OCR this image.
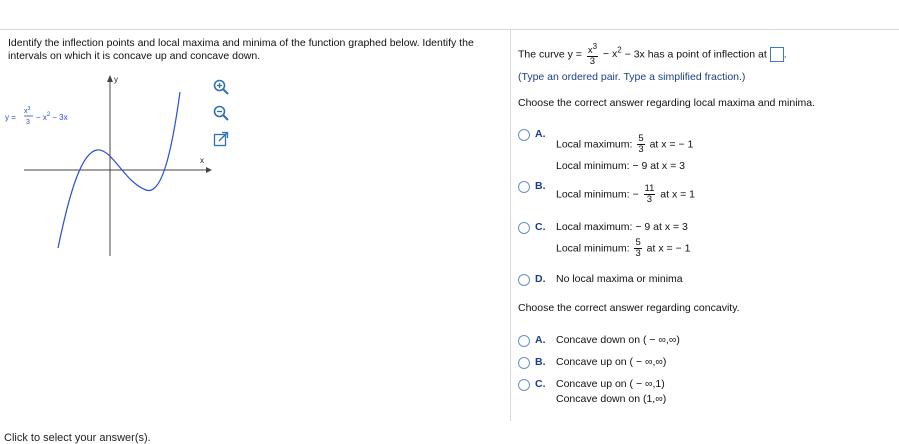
Identify the inflection points and local maxima and minima of the function graphed below. Identify the intervals on which it is concave up and concave down.
x
y
y =
$x^3$
3
− $x^2 - 3x$
The curve $y = \frac{x^3}{3} - x^2 - 3x$ has a point of inflection at .
(Type an ordered pair. Type a simplified fraction.)
Choose the correct answer regarding local maxima and minima.
A.
Local maximum: $\frac{5}{3}$ at x = − 1
Local minimum: − 9 at x = 3
B.
Local minimum: − $\frac{11}{3}$ at x = 1
C. Local maximum: − 9 at x = 3
Local minimum: $\frac{5}{3}$ at x = − 1
D. No local maxima or minima
Choose the correct answer regarding concavity.
A. Concave down on ( − ∞,∞)
B. Concave up on ( − ∞,∞)
C. Concave up on ( − ∞,1)
Concave down on (1,∞)
Click to select your answer(s).
